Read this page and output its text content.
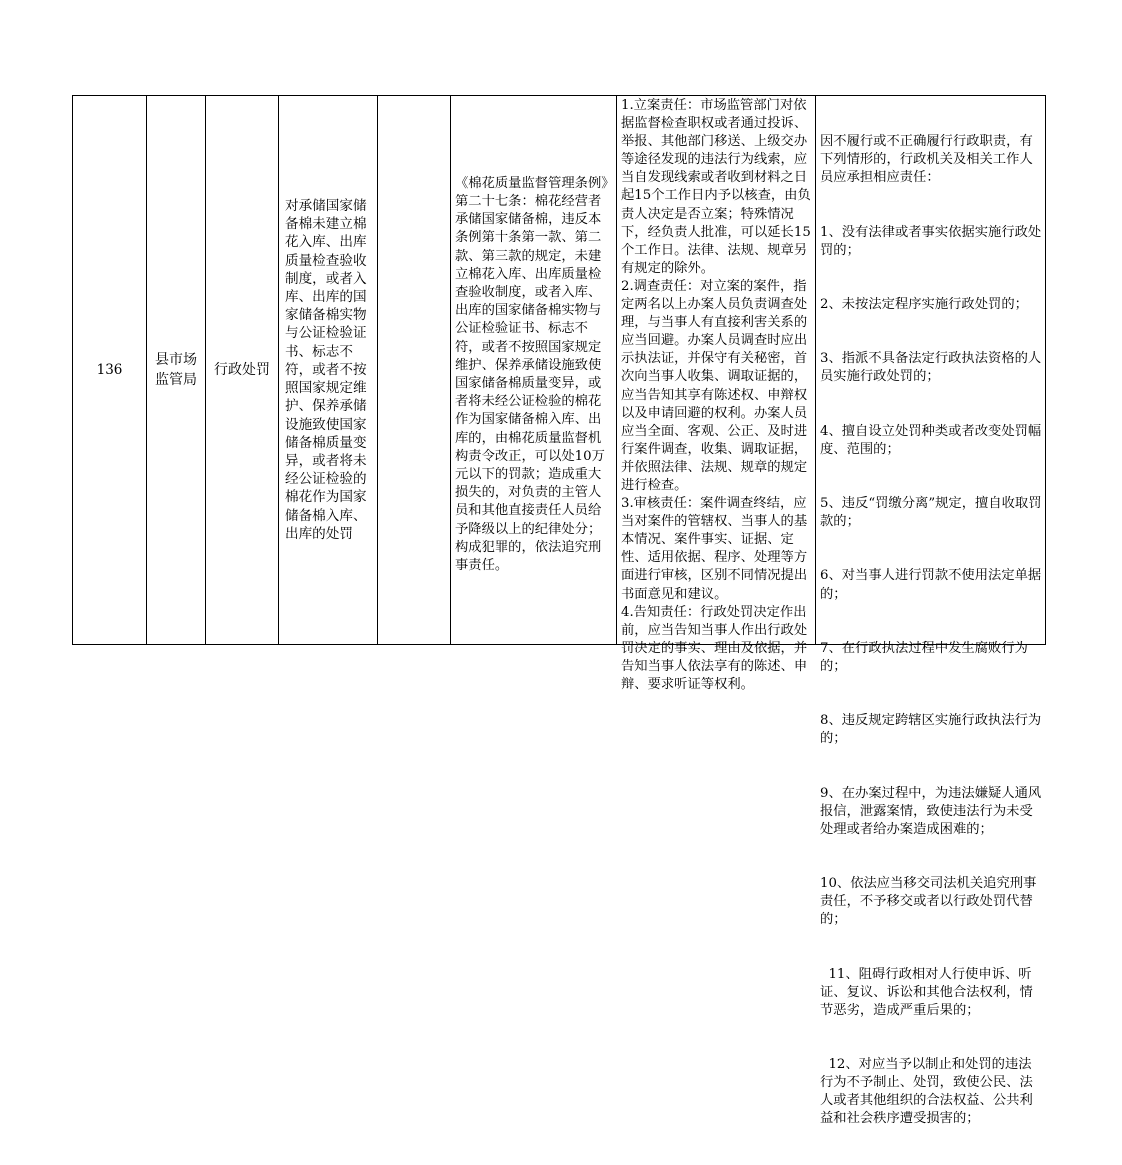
136
县市场监管局
行政处罚
对承储国家储备棉未建立棉花入库、出库质量检查验收制度，或者入库、出库的国家储备棉实物与公证检验证书、标志不符，或者不按照国家规定维护、保养承储设施致使国家储备棉质量变异，或者将未经公证检验的棉花作为国家储备棉入库、出库的处罚
《棉花质量监督管理条例》第二十七条：棉花经营者承储国家储备棉，违反本条例第十条第一款、第二款、第三款的规定，未建立棉花入库、出库质量检查验收制度，或者入库、出库的国家储备棉实物与公证检验证书、标志不符，或者不按照国家规定维护、保养承储设施致使国家储备棉质量变异，或者将未经公证检验的棉花作为国家储备棉入库、出库的，由棉花质量监督机构责令改正，可以处10万元以下的罚款；造成重大损失的，对负责的主管人员和其他直接责任人员给予降级以上的纪律处分；构成犯罪的，依法追究刑事责任。

1.立案责任：市场监管部门对依据监督检查职权或者通过投诉、举报、其他部门移送、上级交办等途径发现的违法行为线索，应当自发现线索或者收到材料之日起15个工作日内予以核查，由负责人决定是否立案；特殊情况下，经负责人批准，可以延长15个工作日。法律、法规、规章另有规定的除外。

2.调查责任：对立案的案件，指定两名以上办案人员负责调查处理，与当事人有直接利害关系的应当回避。办案人员调查时应出示执法证，并保守有关秘密，首次向当事人收集、调取证据的，应当告知其享有陈述权、申辩权以及申请回避的权利。办案人员应当全面、客观、公正、及时进行案件调查，收集、调取证据，并依照法律、法规、规章的规定进行检查。

3.审核责任：案件调查终结，应当对案件的管辖权、当事人的基本情况、案件事实、证据、定性、适用依据、程序、处理等方面进行审核，区别不同情况提出书面意见和建议。

4.告知责任：行政处罚决定作出前，应当告知当事人作出行政处罚决定的事实、理由及依据，并告知当事人依法享有的陈述、申辩、要求听证等权利。

因不履行或不正确履行行政职责，有下列情形的，行政机关及相关工作人员应承担相应责任：

1、没有法律或者事实依据实施行政处罚的；

2、未按法定程序实施行政处罚的；

3、指派不具备法定行政执法资格的人员实施行政处罚的；

4、擅自设立处罚种类或者改变处罚幅度、范围的；

5、违反“罚缴分离”规定，擅自收取罚款的；

6、对当事人进行罚款不使用法定单据的；

7、在行政执法过程中发生腐败行为的；

8、违反规定跨辖区实施行政执法行为的；

9、在办案过程中，为违法嫌疑人通风报信，泄露案情，致使违法行为未受处理或者给办案造成困难的；

10、依法应当移交司法机关追究刑事责任，不予移交或者以行政处罚代替的；

11、阻碍行政相对人行使申诉、听证、复议、诉讼和其他合法权利，情节恶劣，造成严重后果的；

12、对应当予以制止和处罚的违法行为不予制止、处罚，致使公民、法人或者其他组织的合法权益、公共利益和社会秩序遭受损害的；
